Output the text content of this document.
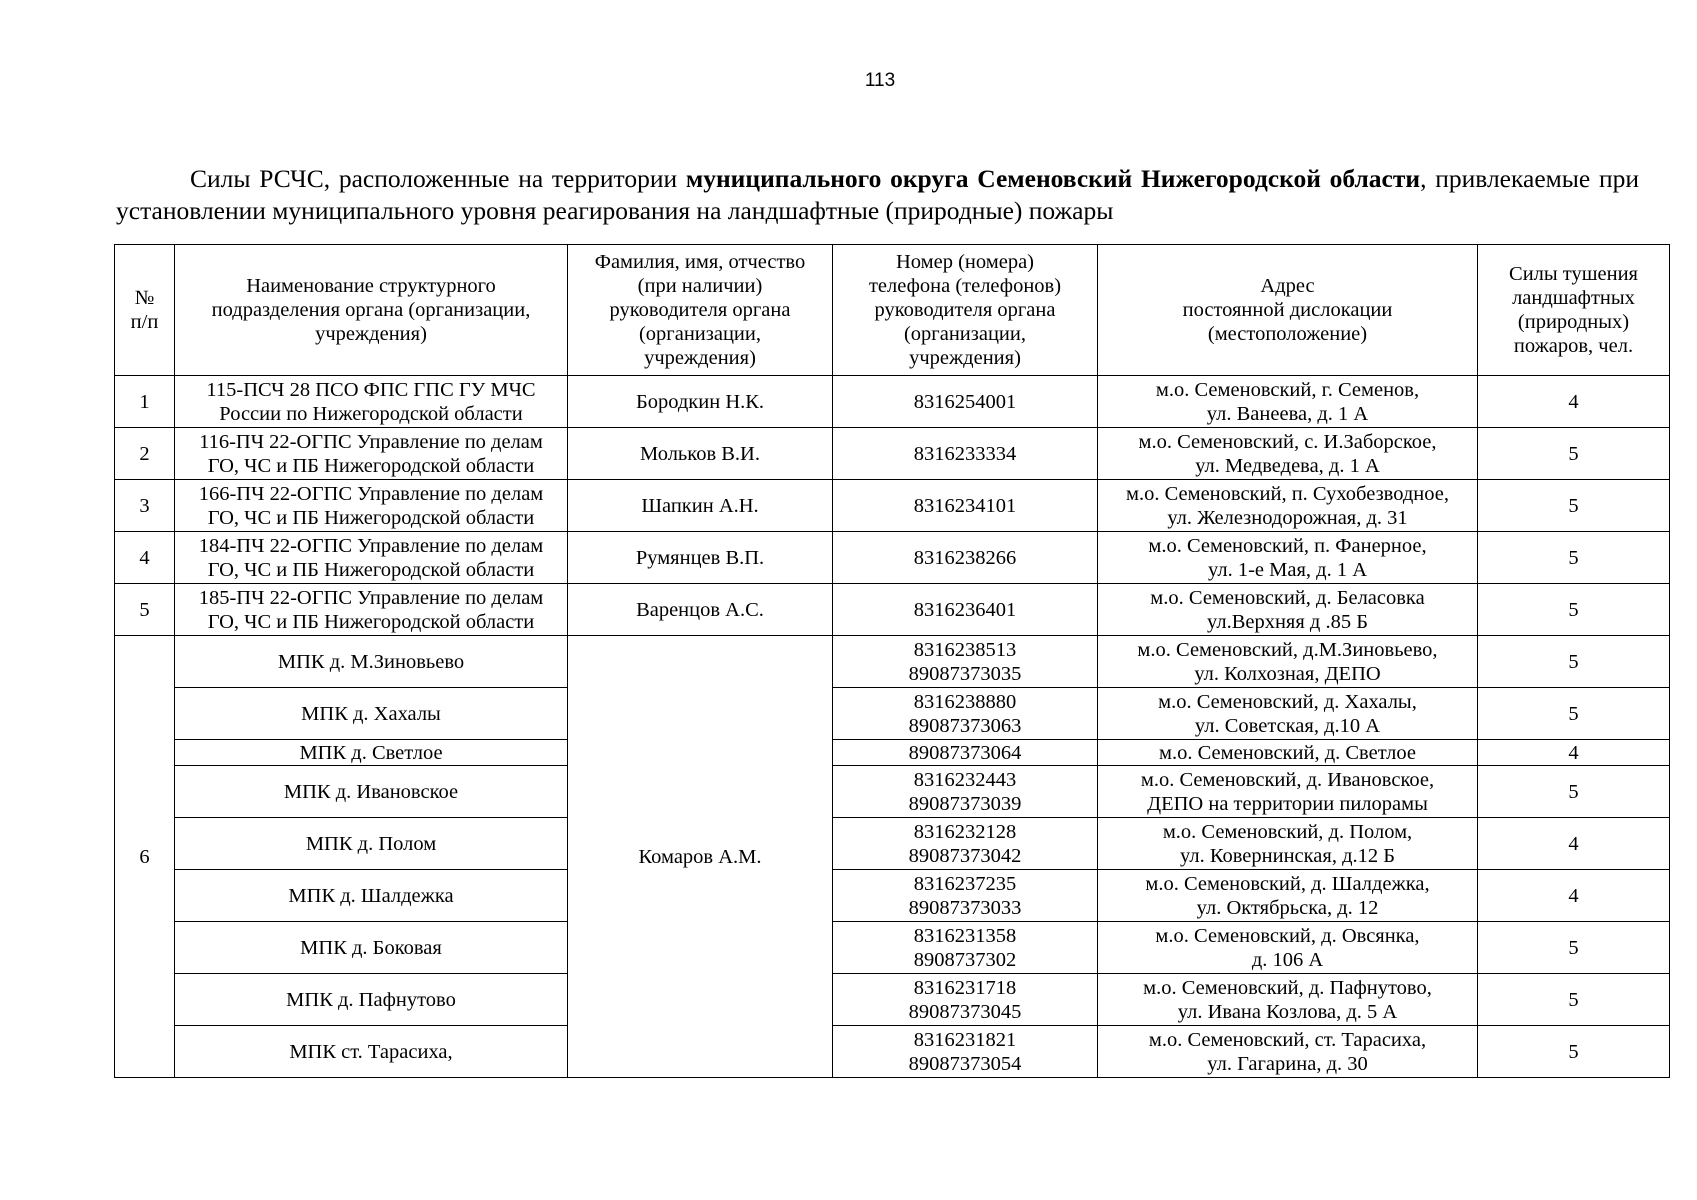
113

Силы РСЧС, расположенные на территории муниципального округа Семеновский Нижегородской области, привлекаемые при установлении муниципального уровня реагирования на ландшафтные (природные) пожары

№
п/п	Наименование структурного
подразделения органа (организации,
учреждения)	Фамилия, имя, отчество
(при наличии)
руководителя органа
(организации,
учреждения)	Номер (номера)
телефона (телефонов)
руководителя органа
(организации,
учреждения)	Адрес
постоянной дислокации
(местоположение)	Силы тушения
ландшафтных
(природных)
пожаров, чел.
1	115-ПСЧ 28 ПСО ФПС ГПС ГУ МЧС
России по Нижегородской области	Бородкин Н.К.	8316254001	м.о. Семеновский, г. Семенов,
ул. Ванеева, д. 1 А	4
2	116-ПЧ 22-ОГПС Управление по делам
ГО, ЧС и ПБ Нижегородской области	Мольков В.И.	8316233334	м.о. Семеновский, с. И.Заборское,
ул. Медведева, д. 1 А	5
3	166-ПЧ 22-ОГПС Управление по делам
ГО, ЧС и ПБ Нижегородской области	Шапкин А.Н.	8316234101	м.о. Семеновский, п. Сухобезводное,
ул. Железнодорожная, д. 31	5
4	184-ПЧ 22-ОГПС Управление по делам
ГО, ЧС и ПБ Нижегородской области	Румянцев В.П.	8316238266	м.о. Семеновский, п. Фанерное,
ул. 1-е Мая, д. 1 А	5
5	185-ПЧ 22-ОГПС Управление по делам
ГО, ЧС и ПБ Нижегородской области	Варенцов А.С.	8316236401	м.о. Семеновский, д. Беласовка
ул.Верхняя д .85 Б	5
6	МПК д. М.Зиновьево	Комаров А.М.	8316238513
89087373035	м.о. Семеновский, д.М.Зиновьево,
ул. Колхозная, ДЕПО	5
	МПК д. Хахалы		8316238880
89087373063	м.о. Семеновский, д. Хахалы,
ул. Советская, д.10 А	5
	МПК д. Светлое		89087373064	м.о. Семеновский, д. Светлое	4
	МПК д. Ивановское		8316232443
89087373039	м.о. Семеновский, д. Ивановское,
ДЕПО на территории пилорамы	5
	МПК д. Полом		8316232128
89087373042	м.о. Семеновский, д. Полом,
ул. Ковернинская, д.12 Б	4
	МПК д. Шалдежка		8316237235
89087373033	м.о. Семеновский, д. Шалдежка,
ул. Октябрьска, д. 12	4
	МПК д. Боковая		8316231358
8908737302	м.о. Семеновский, д. Овсянка,
д. 106 А	5
	МПК д. Пафнутово		8316231718
89087373045	м.о. Семеновский, д. Пафнутово,
ул. Ивана Козлова, д. 5 А	5
	МПК ст. Тарасиха,		8316231821
89087373054	м.о. Семеновский, ст. Тарасиха,
ул. Гагарина, д. 30	5
